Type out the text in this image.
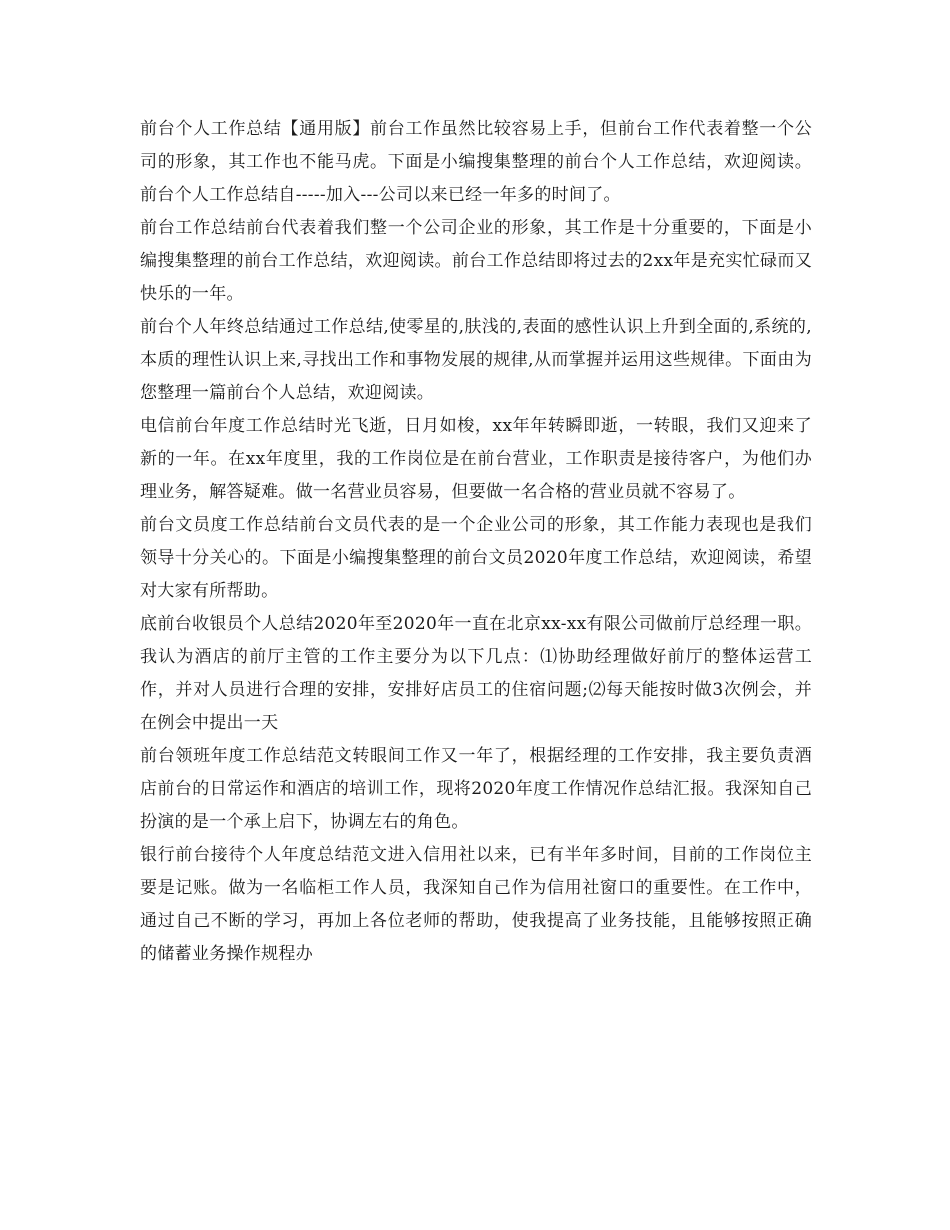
前台个人工作总结【通用版】前台工作虽然比较容易上手，但前台工作代表着整一个公司的形象，其工作也不能马虎。下面是小编搜集整理的前台个人工作总结，欢迎阅读。前台个人工作总结自-----加入---公司以来已经一年多的时间了。

前台工作总结前台代表着我们整一个公司企业的形象，其工作是十分重要的，下面是小编搜集整理的前台工作总结，欢迎阅读。前台工作总结即将过去的2xx年是充实忙碌而又快乐的一年。

前台个人年终总结通过工作总结,使零星的,肤浅的,表面的感性认识上升到全面的,系统的,本质的理性认识上来,寻找出工作和事物发展的规律,从而掌握并运用这些规律。下面由为您整理一篇前台个人总结，欢迎阅读。

电信前台年度工作总结时光飞逝，日月如梭，xx年年转瞬即逝，一转眼，我们又迎来了新的一年。在xx年度里，我的工作岗位是在前台营业，工作职责是接待客户，为他们办理业务，解答疑难。做一名营业员容易，但要做一名合格的营业员就不容易了。

前台文员度工作总结前台文员代表的是一个企业公司的形象，其工作能力表现也是我们领导十分关心的。下面是小编搜集整理的前台文员2020年度工作总结，欢迎阅读，希望对大家有所帮助。

底前台收银员个人总结2020年至2020年一直在北京xx-xx有限公司做前厅总经理一职。我认为酒店的前厅主管的工作主要分为以下几点：⑴协助经理做好前厅的整体运营工作，并对人员进行合理的安排，安排好店员工的住宿问题;⑵每天能按时做3次例会，并在例会中提出一天

前台领班年度工作总结范文转眼间工作又一年了，根据经理的工作安排，我主要负责酒店前台的日常运作和酒店的培训工作，现将2020年度工作情况作总结汇报。我深知自己扮演的是一个承上启下，协调左右的角色。

银行前台接待个人年度总结范文进入信用社以来，已有半年多时间，目前的工作岗位主要是记账。做为一名临柜工作人员，我深知自己作为信用社窗口的重要性。在工作中，通过自己不断的学习，再加上各位老师的帮助，使我提高了业务技能，且能够按照正确的储蓄业务操作规程办
